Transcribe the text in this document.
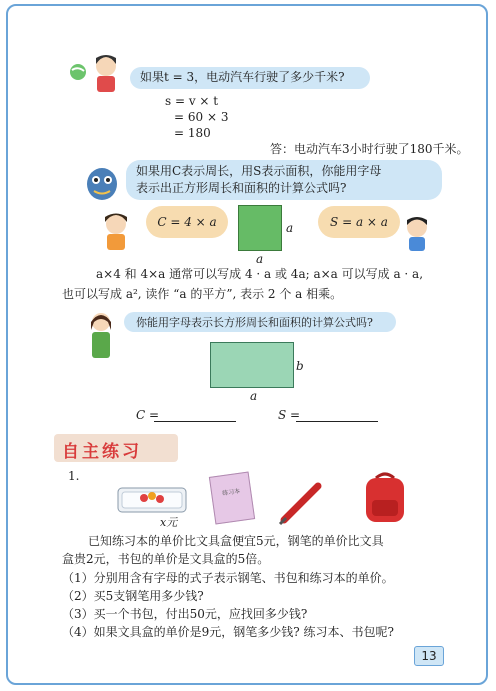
如果t = 3，电动汽车行驶了多少千米?
s = v × t
= 60 × 3
= 180
答：电动汽车3小时行驶了180千米。
如果用C表示周长，用S表示面积，你能用字母
表示出正方形周长和面积的计算公式吗?
C = 4 × a	a
a
S = a × a
a×4 和 4×a 通常可以写成 4 · a 或 4a; a×a 可以写成 a · a,
也可以写成 a², 读作 “a 的平方”, 表示 2 个 a 相乘。
你能用字母表示长方形周长和面积的计算公式吗?
b
a
C =	S =
自主练习
1.
x元
练习本
已知练习本的单价比文具盒便宜5元，钢笔的单价比文具
盒贵2元，书包的单价是文具盒的5倍。
（1）分别用含有字母的式子表示钢笔、书包和练习本的单价。
（2）买5支钢笔用多少钱?
（3）买一个书包，付出50元，应找回多少钱?
（4）如果文具盒的单价是9元，钢笔多少钱? 练习本、书包呢?
13
